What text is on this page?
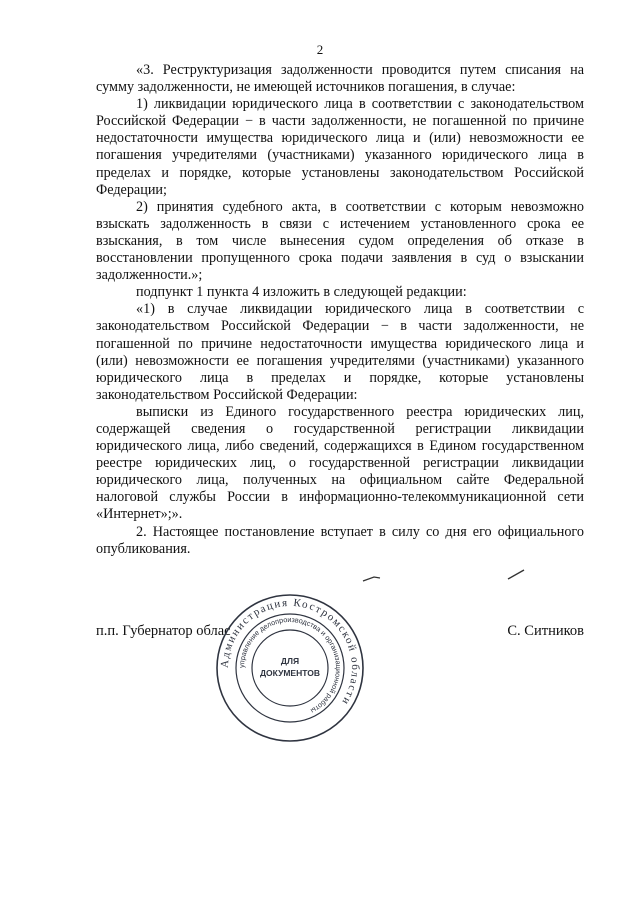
2

«3. Реструктуризация задолженности проводится путем списания на сумму задолженности, не имеющей источников погашения, в случае:

1) ликвидации юридического лица в соответствии с законодательством Российской Федерации − в части задолженности, не погашенной по причине недостаточности имущества юридического лица и (или) невозможности ее погашения учредителями (участниками) указанного юридического лица в пределах и порядке, которые установлены законодательством Российской Федерации;

2) принятия судебного акта, в соответствии с которым невозможно взыскать задолженность в связи с истечением установленного срока ее взыскания, в том числе вынесения судом определения об отказе в восстановлении пропущенного срока подачи заявления в суд о взыскании задолженности.»;

подпункт 1 пункта 4 изложить в следующей редакции:

«1) в случае ликвидации юридического лица в соответствии с законодательством Российской Федерации − в части задолженности, не погашенной по причине недостаточности имущества юридического лица и (или) невозможности ее погашения учредителями (участниками) указанного юридического лица в пределах и порядке, которые установлены законодательством Российской Федерации:

выписки из Единого государственного реестра юридических лиц, содержащей сведения о государственной регистрации ликвидации юридического лица, либо сведений, содержащихся в Едином государственном реестре юридических лиц, о государственной регистрации ликвидации юридического лица, полученных на официальном сайте Федеральной налоговой службы России в информационно-телекоммуникационной сети «Интернет»;».

2. Настоящее постановление вступает в силу со дня его официального опубликования.

п.п. Губернатор облас	С. Ситников
Администрация Костромской области
управление делопроизводства и организационной работы
ДЛЯ
ДОКУМЕНТОВ
